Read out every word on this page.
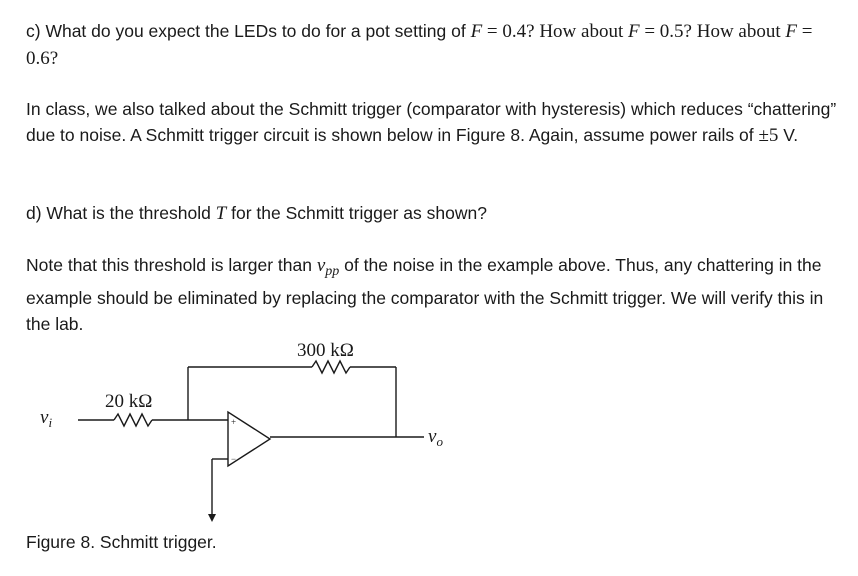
c) What do you expect the LEDs to do for a pot setting of F = 0.4? How about F = 0.5? How about F = 0.6?

In class, we also talked about the Schmitt trigger (comparator with hysteresis) which reduces “chattering” due to noise. A Schmitt trigger circuit is shown below in Figure 8. Again, assume power rails of ±5 V.

d) What is the threshold T for the Schmitt trigger as shown?

Note that this threshold is larger than $v_{pp}$ of the noise in the example above. Thus, any chattering in the example should be eliminated by replacing the comparator with the Schmitt trigger. We will verify this in the lab.

+
−
300 kΩ
20 kΩ
$v_i$
$v_o$

Figure 8. Schmitt trigger.
